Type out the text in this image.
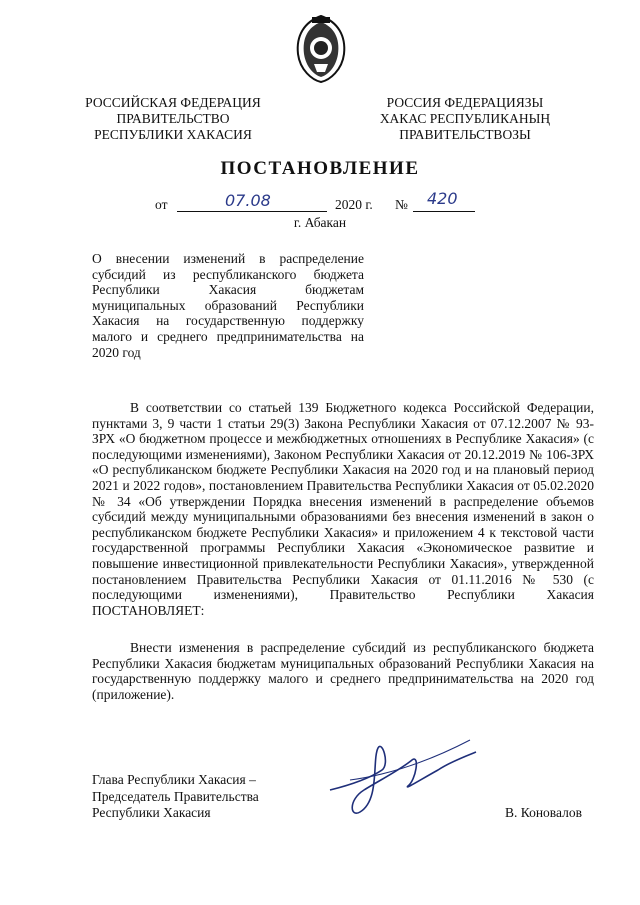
РОССИЙСКАЯ ФЕДЕРАЦИЯ
ПРАВИТЕЛЬСТВО
РЕСПУБЛИКИ ХАКАСИЯ
РОССИЯ ФЕДЕРАЦИЯЗЫ
ХАКАС РЕСПУБЛИКАНЫҢ
ПРАВИТЕЛЬСТВОЗЫ
ПОСТАНОВЛЕНИЕ
от	07.08	2020 г. № 420
г. Абакан
О внесении изменений в распределение субсидий из республиканского бюджета Республики Хакасия бюджетам муниципальных образований Республики Хакасия на государственную поддержку малого и среднего предпринимательства на 2020 год
В соответствии со статьей 139 Бюджетного кодекса Российской Федерации, пунктами 3, 9 части 1 статьи 29(3) Закона Республики Хакасия от 07.12.2007 № 93-ЗРХ «О бюджетном процессе и межбюджетных отношениях в Республике Хакасия» (с последующими изменениями), Законом Республики Хакасия от 20.12.2019 № 106-ЗРХ «О республиканском бюджете Республики Хакасия на 2020 год и на плановый период 2021 и 2022 годов», постановлением Правительства Республики Хакасия от 05.02.2020 № 34 «Об утверждении Порядка внесения изменений в распределение объемов субсидий между муниципальными образованиями без внесения изменений в закон о республиканском бюджете Республики Хакасия» и приложением 4 к текстовой части государственной программы Республики Хакасия «Экономическое развитие и повышение инвестиционной привлекательности Республики Хакасия», утвержденной постановлением Правительства Республики Хакасия от 01.11.2016 № 530 (с последующими изменениями), Правительство Республики Хакасия ПОСТАНОВЛЯЕТ:
Внести изменения в распределение субсидий из республиканского бюджета Республики Хакасия бюджетам муниципальных образований Республики Хакасия на государственную поддержку малого и среднего предпринимательства на 2020 год (приложение).
Глава Республики Хакасия –
Председатель Правительства
Республики Хакасия	В. Коновалов
